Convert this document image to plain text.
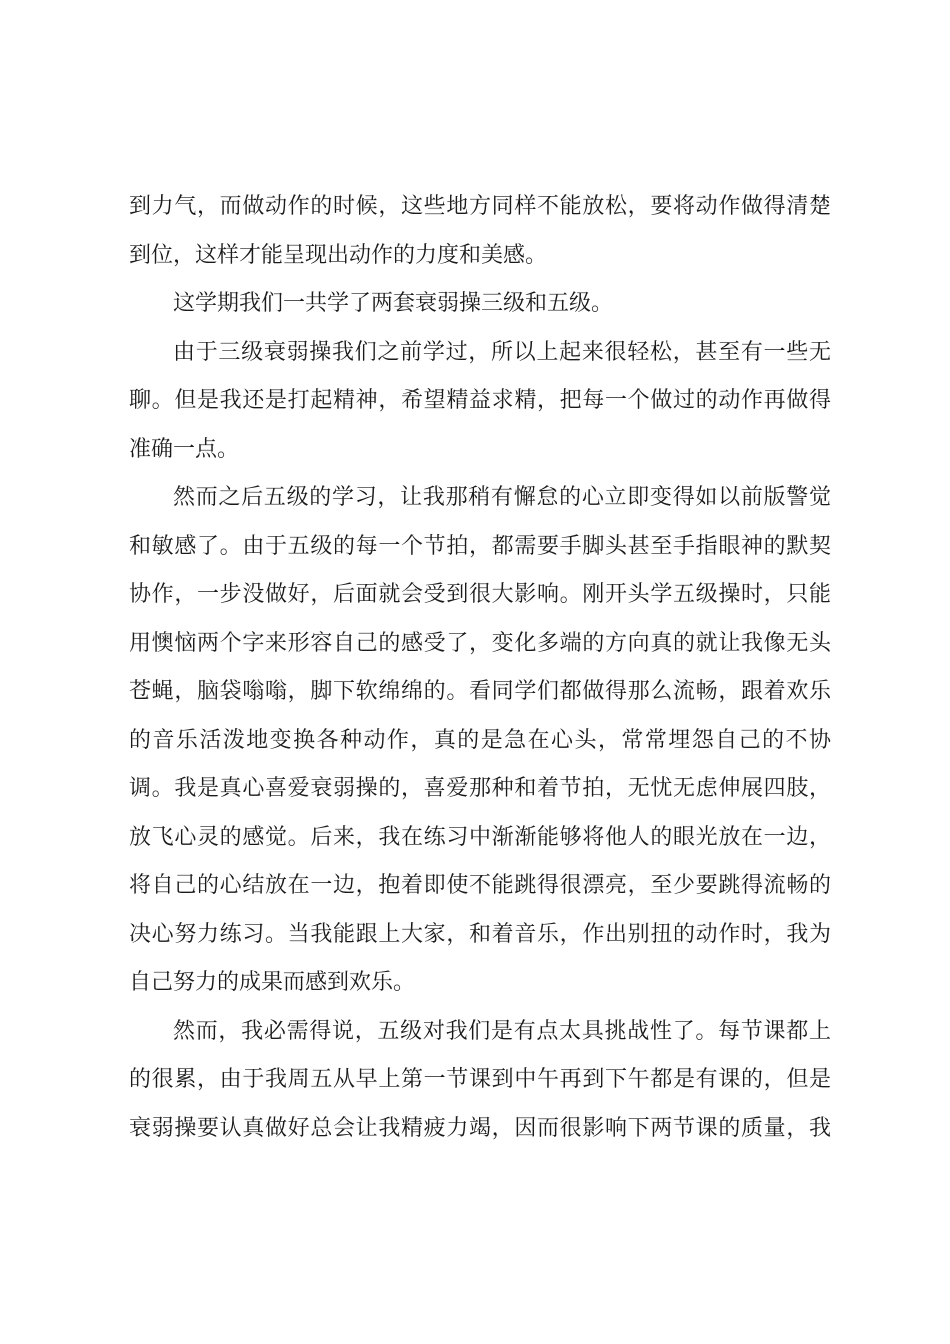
到力气，而做动作的时候，这些地方同样不能放松，要将动作做得清楚
到位，这样才能呈现出动作的力度和美感。
这学期我们一共学了两套衰弱操三级和五级。
由于三级衰弱操我们之前学过，所以上起来很轻松，甚至有一些无
聊。但是我还是打起精神，希望精益求精，把每一个做过的动作再做得
准确一点。
然而之后五级的学习，让我那稍有懈怠的心立即变得如以前版警觉
和敏感了。由于五级的每一个节拍，都需要手脚头甚至手指眼神的默契
协作，一步没做好，后面就会受到很大影响。刚开头学五级操时，只能
用懊恼两个字来形容自己的感受了，变化多端的方向真的就让我像无头
苍蝇，脑袋嗡嗡，脚下软绵绵的。看同学们都做得那么流畅，跟着欢乐
的音乐活泼地变换各种动作，真的是急在心头，常常埋怨自己的不协
调。我是真心喜爱衰弱操的，喜爱那种和着节拍，无忧无虑伸展四肢，
放飞心灵的感觉。后来，我在练习中渐渐能够将他人的眼光放在一边，
将自己的心结放在一边，抱着即使不能跳得很漂亮，至少要跳得流畅的
决心努力练习。当我能跟上大家，和着音乐，作出别扭的动作时，我为
自己努力的成果而感到欢乐。
然而，我必需得说，五级对我们是有点太具挑战性了。每节课都上
的很累，由于我周五从早上第一节课到中午再到下午都是有课的，但是
衰弱操要认真做好总会让我精疲力竭，因而很影响下两节课的质量，我
